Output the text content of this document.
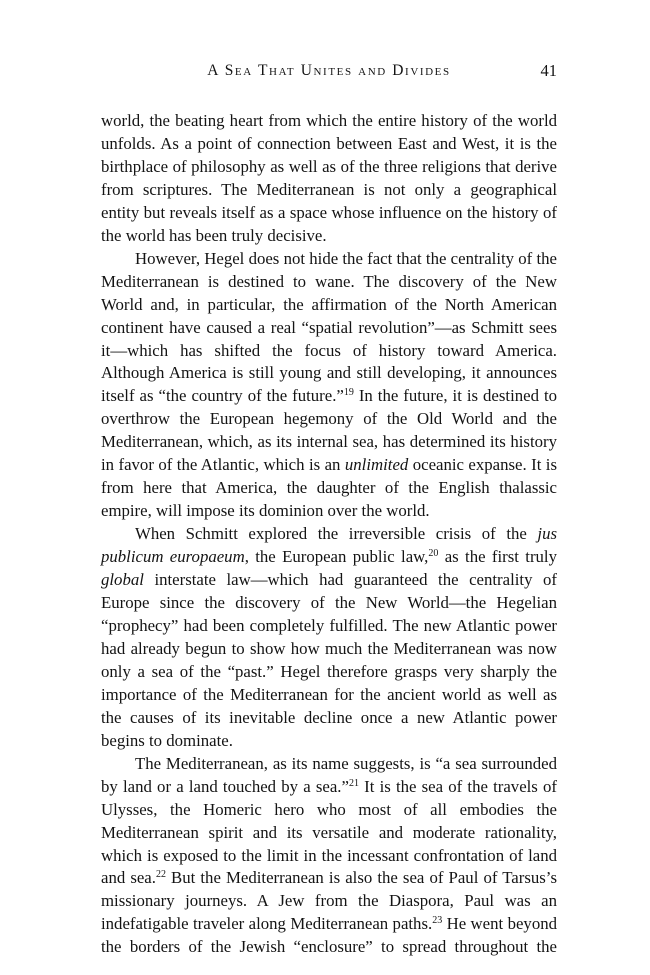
A Sea That Unites and Divides	41

world, the beating heart from which the entire history of the world unfolds. As a point of connection between East and West, it is the birthplace of philosophy as well as of the three religions that derive from scriptures. The Mediterranean is not only a geographical entity but reveals itself as a space whose influence on the history of the world has been truly decisive.

However, Hegel does not hide the fact that the centrality of the Mediterranean is destined to wane. The discovery of the New World and, in particular, the affirmation of the North American continent have caused a real “spatial revolution”—as Schmitt sees it—which has shifted the focus of history toward America. Although America is still young and still developing, it announces itself as “the country of the future.”$^{19}$ In the future, it is destined to overthrow the European hegemony of the Old World and the Mediterranean, which, as its internal sea, has determined its history in favor of the Atlantic, which is an unlimited oceanic expanse. It is from here that America, the daughter of the English thalassic empire, will impose its dominion over the world.

When Schmitt explored the irreversible crisis of the jus publicum europaeum, the European public law,$^{20}$ as the first truly global interstate law—which had guaranteed the centrality of Europe since the discovery of the New World—the Hegelian “prophecy” had been completely fulfilled. The new Atlantic power had already begun to show how much the Mediterranean was now only a sea of the “past.” Hegel therefore grasps very sharply the importance of the Mediterranean for the ancient world as well as the causes of its inevitable decline once a new Atlantic power begins to dominate.

The Mediterranean, as its name suggests, is “a sea surrounded by land or a land touched by a sea.”$^{21}$ It is the sea of the travels of Ulysses, the Homeric hero who most of all embodies the Mediterranean spirit and its versatile and moderate rationality, which is exposed to the limit in the incessant confrontation of land and sea.$^{22}$ But the Mediterranean is also the sea of Paul of Tarsus’s missionary journeys. A Jew from the Diaspora, Paul was an indefatigable traveler along Mediterranean paths.$^{23}$ He went beyond the borders of the Jewish “enclosure” to spread throughout the
